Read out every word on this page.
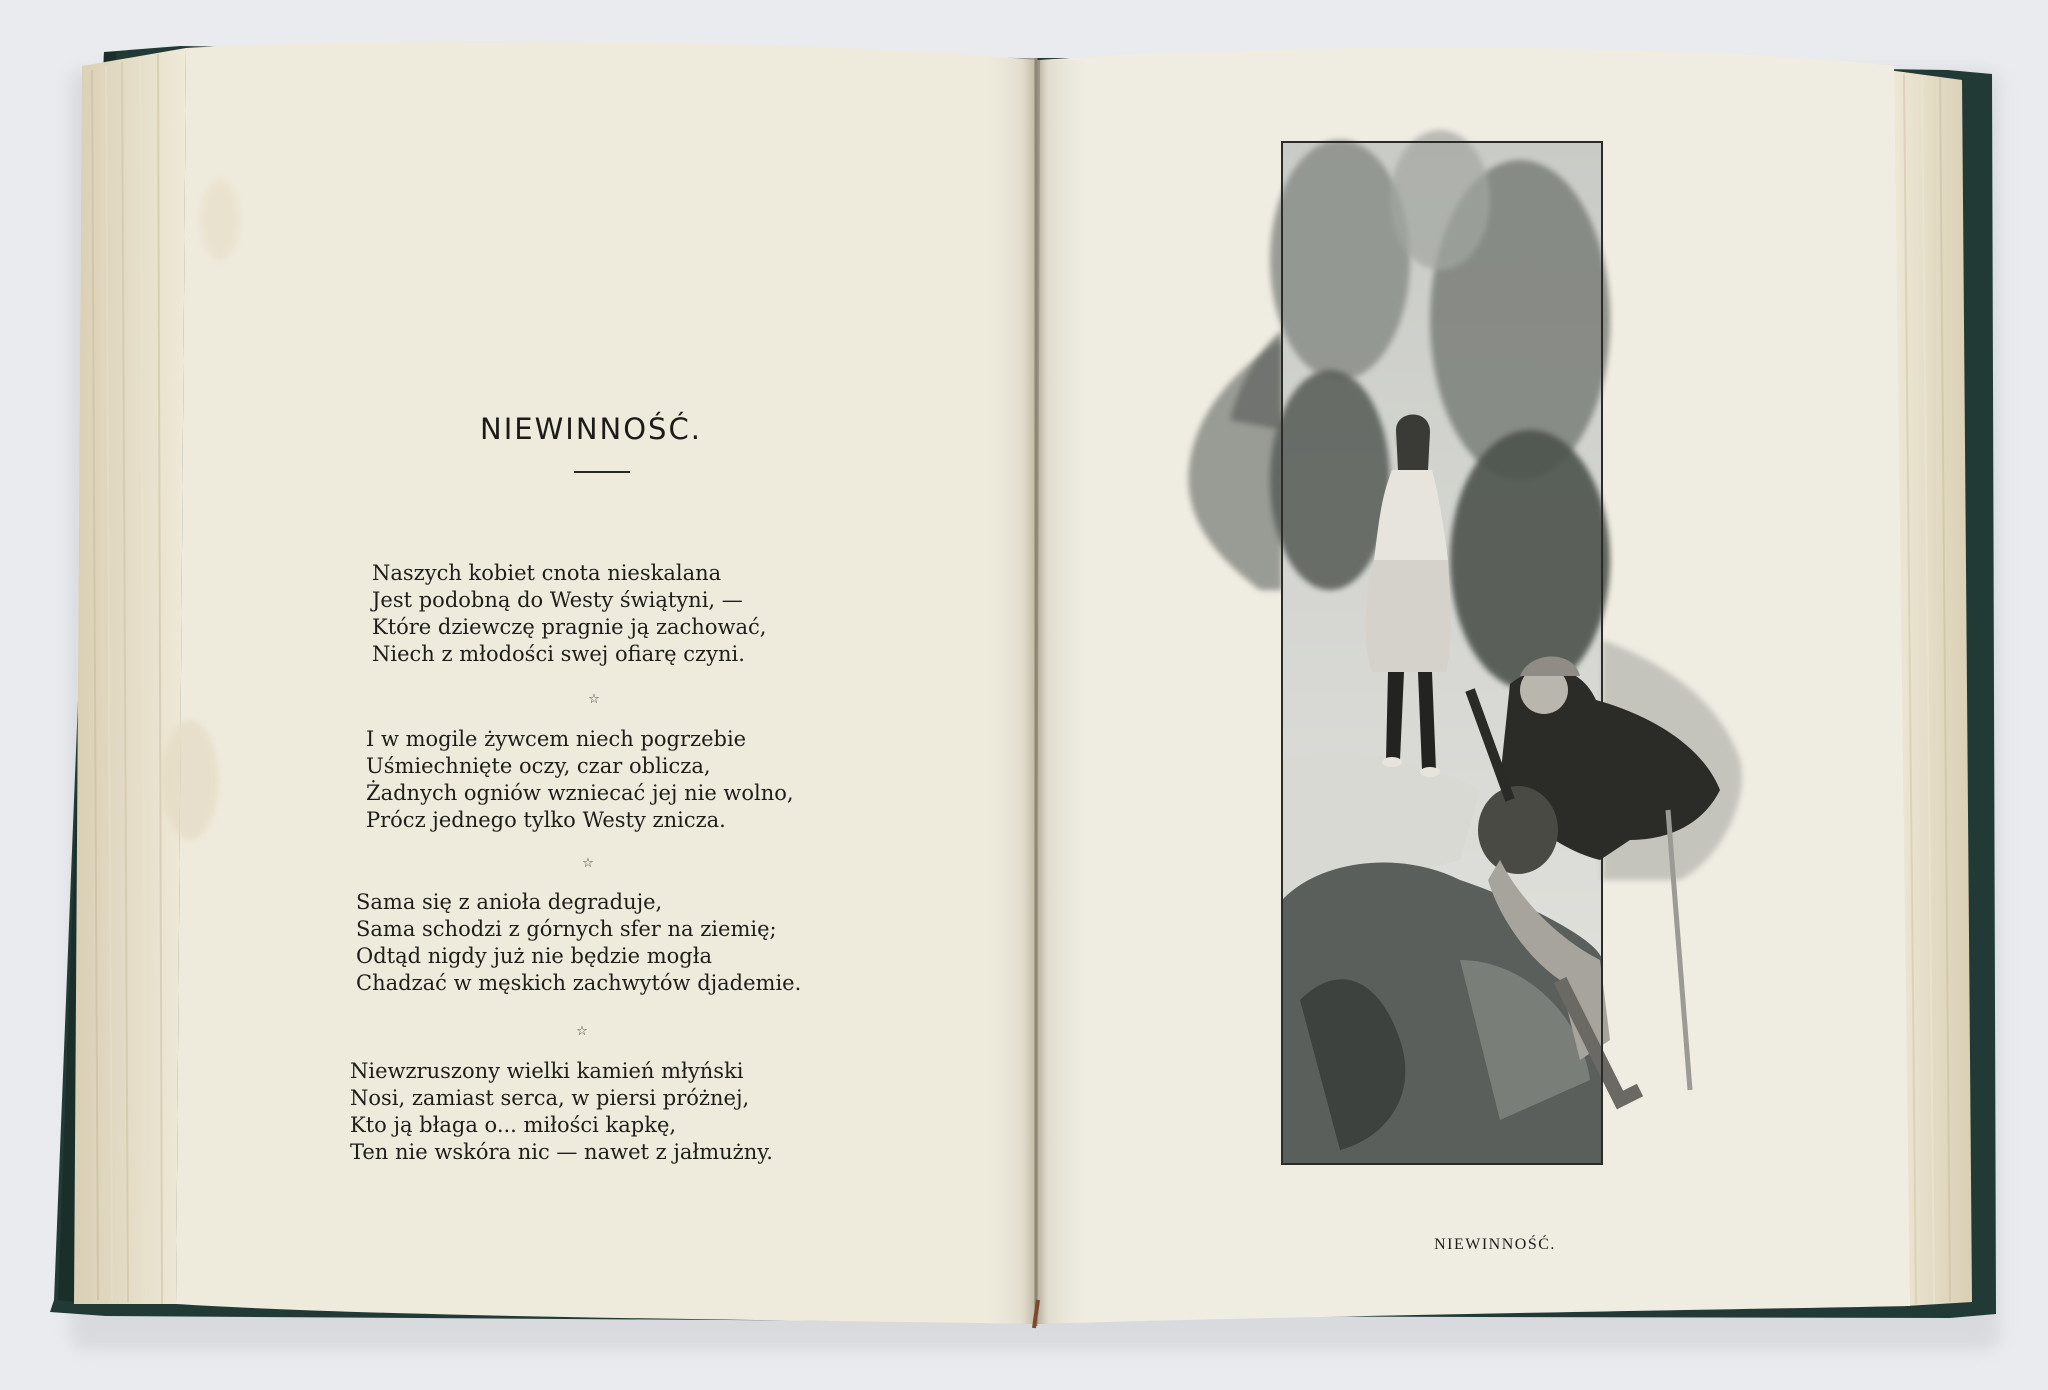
NIEWINNOŚĆ.
Naszych kobiet cnota nieskalana
Jest podobną do Westy świątyni, —
Które dziewczę pragnie ją zachować,
Niech z młodości swej ofiarę czyni.
☆
I w mogile żywcem niech pogrzebie
Uśmiechnięte oczy, czar oblicza,
Żadnych ogniów wzniecać jej nie wolno,
Prócz jednego tylko Westy znicza.
☆
Sama się z anioła degraduje,
Sama schodzi z górnych sfer na ziemię;
Odtąd nigdy już nie będzie mogła
Chadzać w męskich zachwytów djademie.
☆
Niewzruszony wielki kamień młyński
Nosi, zamiast serca, w piersi próżnej,
Kto ją błaga o... miłości kapkę,
Ten nie wskóra nic — nawet z jałmużny.
NIEWINNOŚĆ.
